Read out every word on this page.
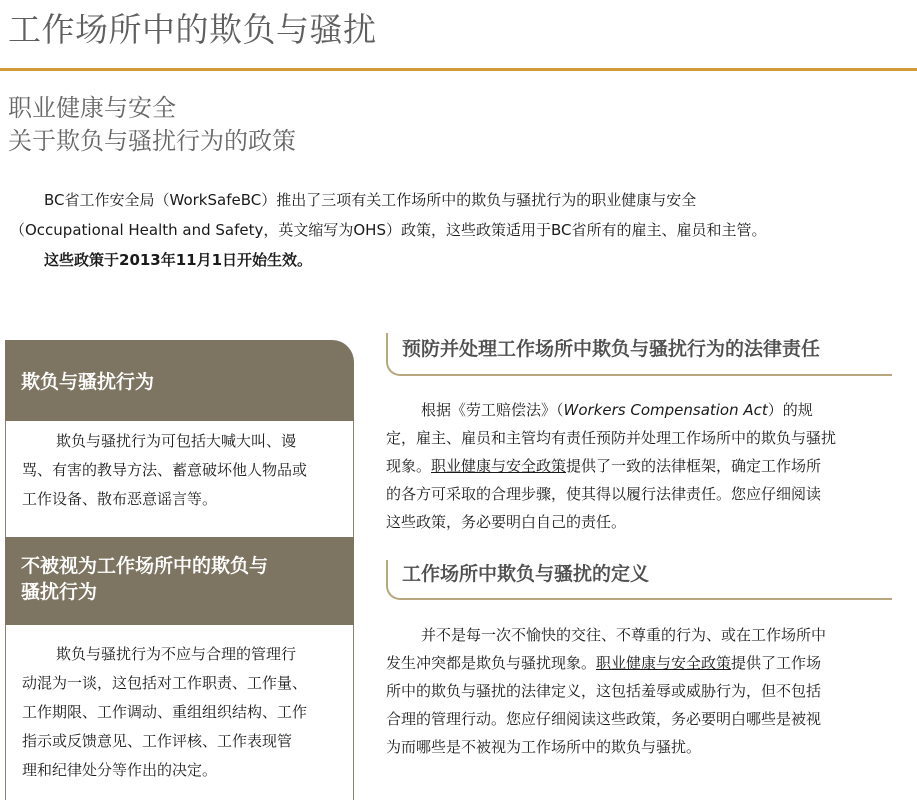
工作场所中的欺负与骚扰
职业健康与安全
关于欺负与骚扰行为的政策
BC省工作安全局（WorkSafeBC）推出了三项有关工作场所中的欺负与骚扰行为的职业健康与安全
（Occupational Health and Safety，英文缩写为OHS）政策，这些政策适用于BC省所有的雇主、雇员和主管。
这些政策于2013年11月1日开始生效。
欺负与骚扰行为
欺负与骚扰行为可包括大喊大叫、谩
骂、有害的教导方法、蓄意破坏他人物品或
工作设备、散布恶意谣言等。
不被视为工作场所中的欺负与
骚扰行为
欺负与骚扰行为不应与合理的管理行
动混为一谈，这包括对工作职责、工作量、
工作期限、工作调动、重组组织结构、工作
指示或反馈意见、工作评核、工作表现管
理和纪律处分等作出的决定。
预防并处理工作场所中欺负与骚扰行为的法律责任
根据《劳工赔偿法》（Workers Compensation Act）的规
定，雇主、雇员和主管均有责任预防并处理工作场所中的欺负与骚扰
现象。职业健康与安全政策提供了一致的法律框架，确定工作场所
的各方可采取的合理步骤，使其得以履行法律责任。您应仔细阅读
这些政策，务必要明白自己的责任。
工作场所中欺负与骚扰的定义
并不是每一次不愉快的交往、不尊重的行为、或在工作场所中
发生冲突都是欺负与骚扰现象。职业健康与安全政策提供了工作场
所中的欺负与骚扰的法律定义，这包括羞辱或威胁行为，但不包括
合理的管理行动。您应仔细阅读这些政策，务必要明白哪些是被视
为而哪些是不被视为工作场所中的欺负与骚扰。
